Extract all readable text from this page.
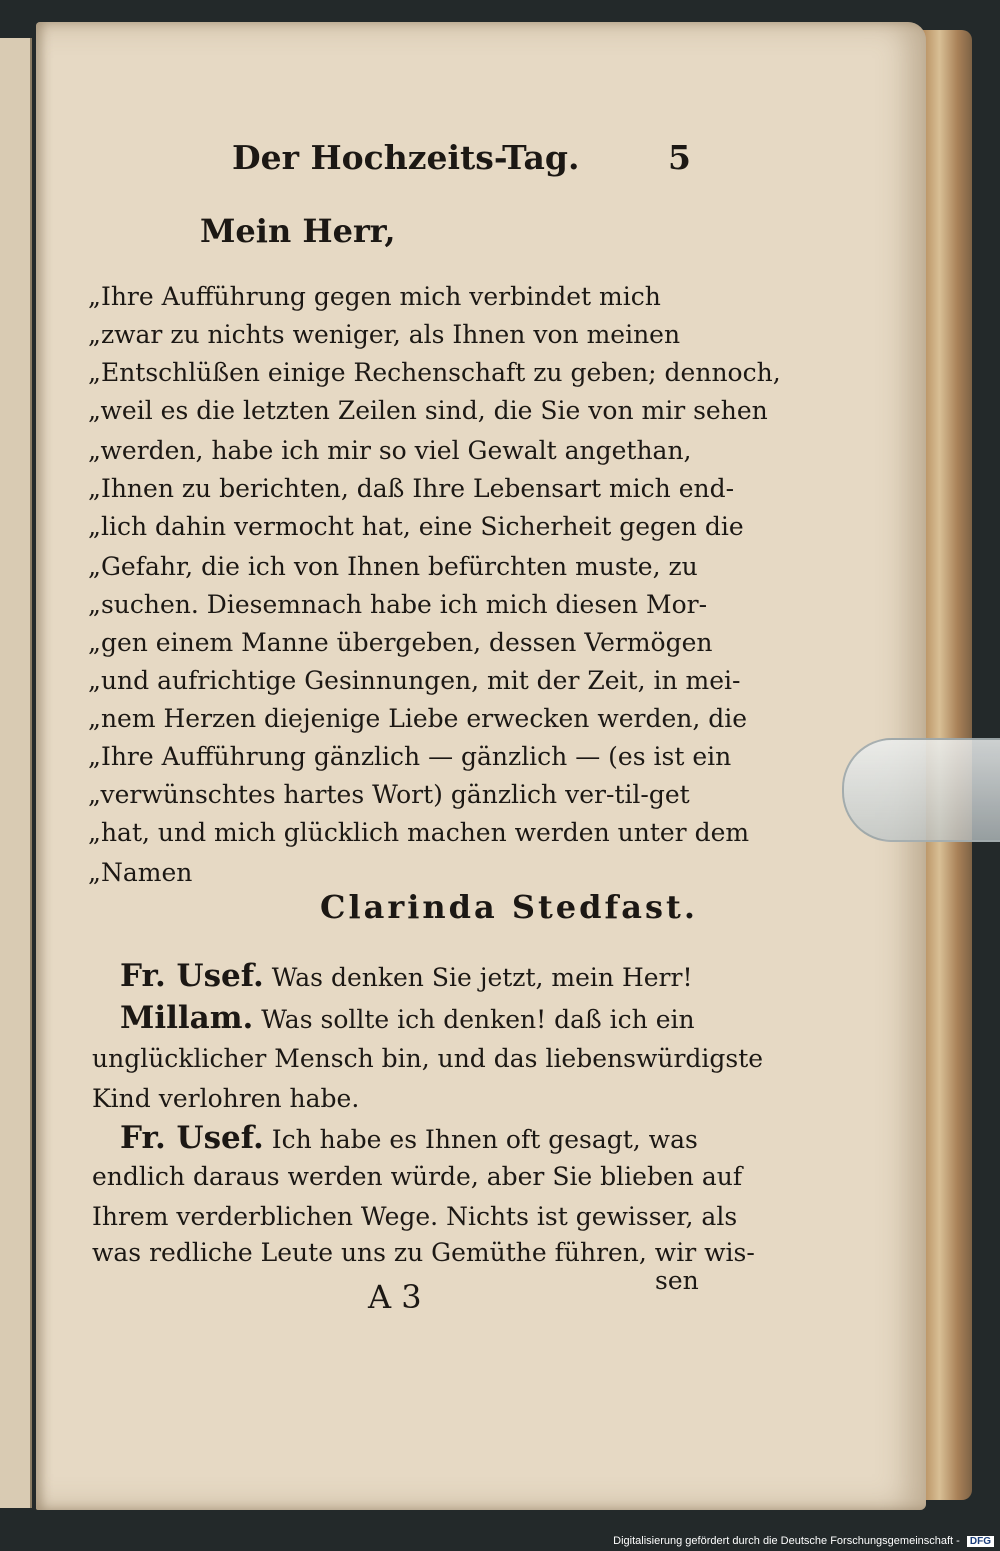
Der Hochzeits-Tag.	5
Mein Herr,
„Ihre Aufführung gegen mich verbindet mich
„zwar zu nichts weniger, als Ihnen von meinen
„Entschlüßen einige Rechenschaft zu geben; dennoch,
„weil es die letzten Zeilen sind, die Sie von mir sehen
„werden, habe ich mir so viel Gewalt angethan,
„Ihnen zu berichten, daß Ihre Lebensart mich end-
„lich dahin vermocht hat, eine Sicherheit gegen die
„Gefahr, die ich von Ihnen befürchten muste, zu
„suchen. Diesemnach habe ich mich diesen Mor-
„gen einem Manne übergeben, dessen Vermögen
„und aufrichtige Gesinnungen, mit der Zeit, in mei-
„nem Herzen diejenige Liebe erwecken werden, die
„Ihre Aufführung gänzlich — gänzlich — (es ist ein
„verwünschtes hartes Wort) gänzlich ver-til-get
„hat, und mich glücklich machen werden unter dem
„Namen
Clarinda Stedfast.
Fr. Usef. Was denken Sie jetzt, mein Herr!
Millam. Was sollte ich denken! daß ich ein
unglücklicher Mensch bin, und das liebenswürdigste
Kind verlohren habe.
Fr. Usef. Ich habe es Ihnen oft gesagt, was
endlich daraus werden würde, aber Sie blieben auf
Ihrem verderblichen Wege. Nichts ist gewisser, als
was redliche Leute uns zu Gemüthe führen, wir wis-
A 3	sen
Digitalisierung gefördert durch die Deutsche Forschungsgemeinschaft - DFG
